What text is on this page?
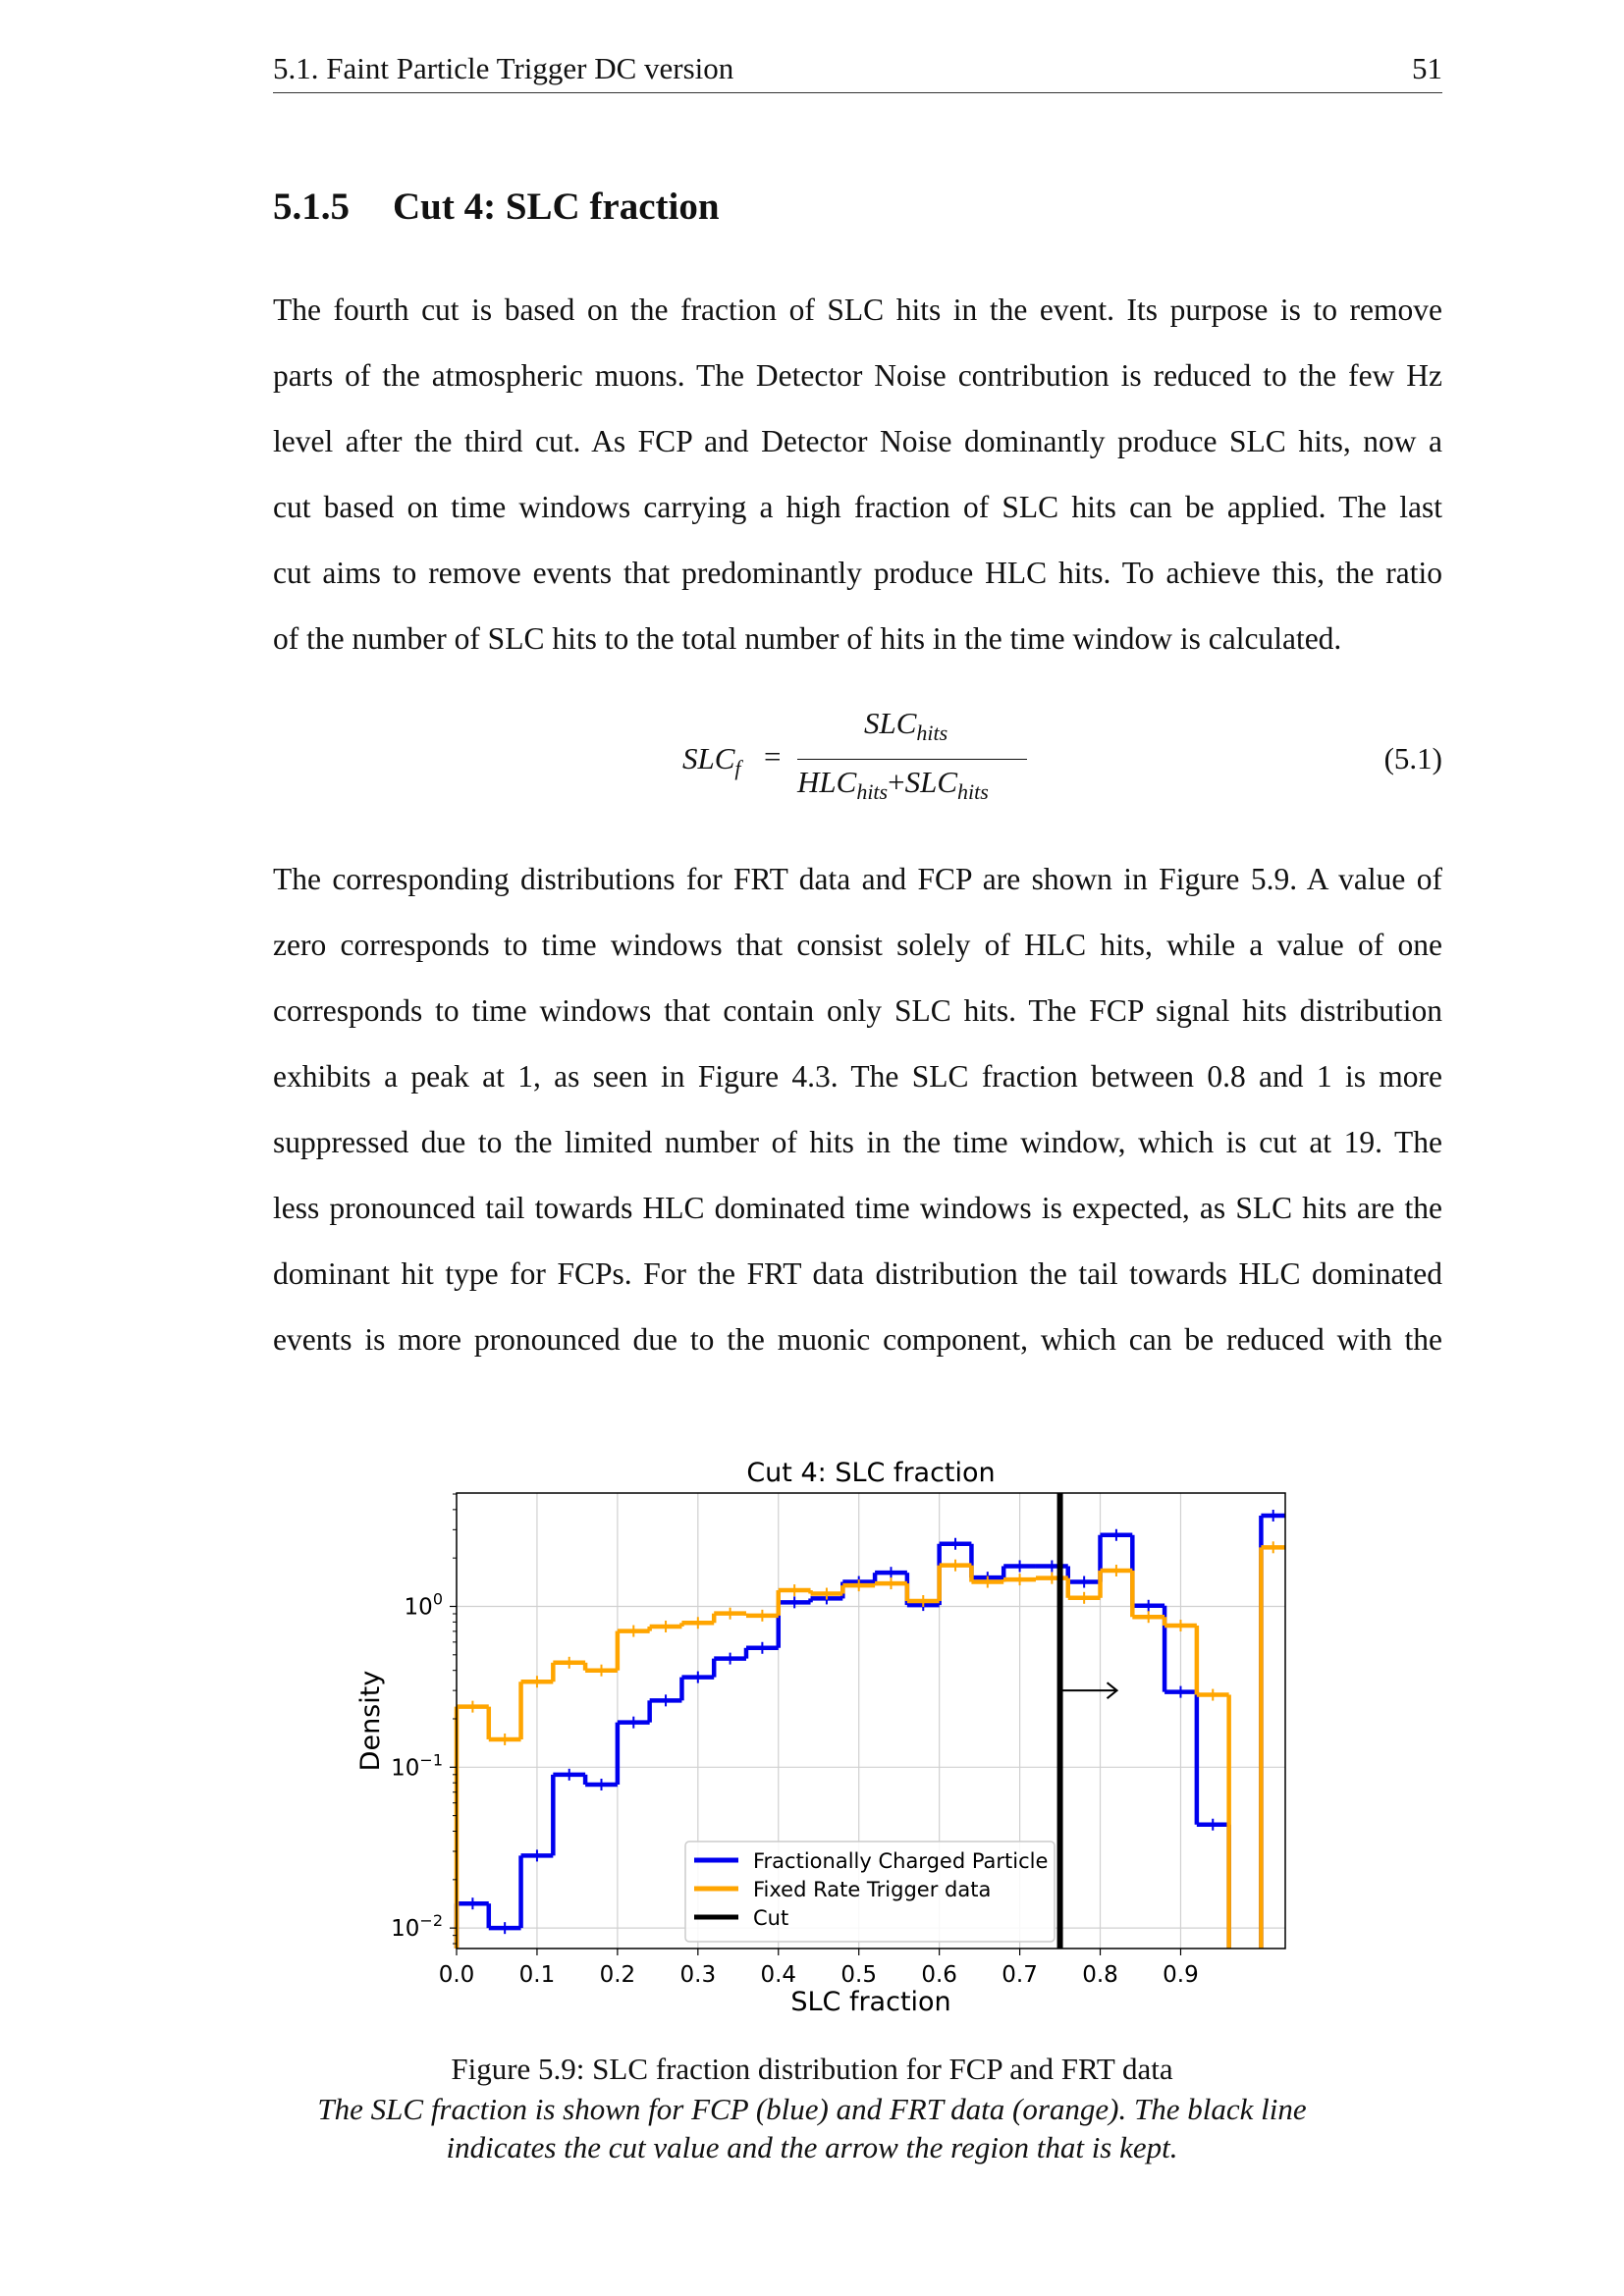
5.1. Faint Particle Trigger DC version	51
5.1.5 Cut 4: SLC fraction
The fourth cut is based on the fraction of SLC hits in the event. Its purpose is to remove
parts of the atmospheric muons. The Detector Noise contribution is reduced to the few Hz
level after the third cut. As FCP and Detector Noise dominantly produce SLC hits, now a
cut based on time windows carrying a high fraction of SLC hits can be applied. The last
cut aims to remove events that predominantly produce HLC hits. To achieve this, the ratio
of the number of SLC hits to the total number of hits in the time window is calculated.
$SLC_f$ =
$SLC_{hits}$
$HLC_{hits}+SLC_{hits}$
(5.1)
The corresponding distributions for FRT data and FCP are shown in Figure 5.9. A value of
zero corresponds to time windows that consist solely of HLC hits, while a value of one
corresponds to time windows that contain only SLC hits. The FCP signal hits distribution
exhibits a peak at 1, as seen in Figure 4.3. The SLC fraction between 0.8 and 1 is more
suppressed due to the limited number of hits in the time window, which is cut at 19. The
less pronounced tail towards HLC dominated time windows is expected, as SLC hits are the
dominant hit type for FCPs. For the FRT data distribution the tail towards HLC dominated
events is more pronounced due to the muonic component, which can be reduced with the
0.0 0.1 0.2 0.3 0.4 0.5 0.6 0.7 0.8 0.9
$10^0$
$10^{-1}$
$10^{-2}$
Cut 4: SLC fraction
SLC fraction
Density
Fractionally Charged Particle
Fixed Rate Trigger data
Cut
Figure 5.9: SLC fraction distribution for FCP and FRT data
The SLC fraction is shown for FCP (blue) and FRT data (orange). The black line
indicates the cut value and the arrow the region that is kept.
